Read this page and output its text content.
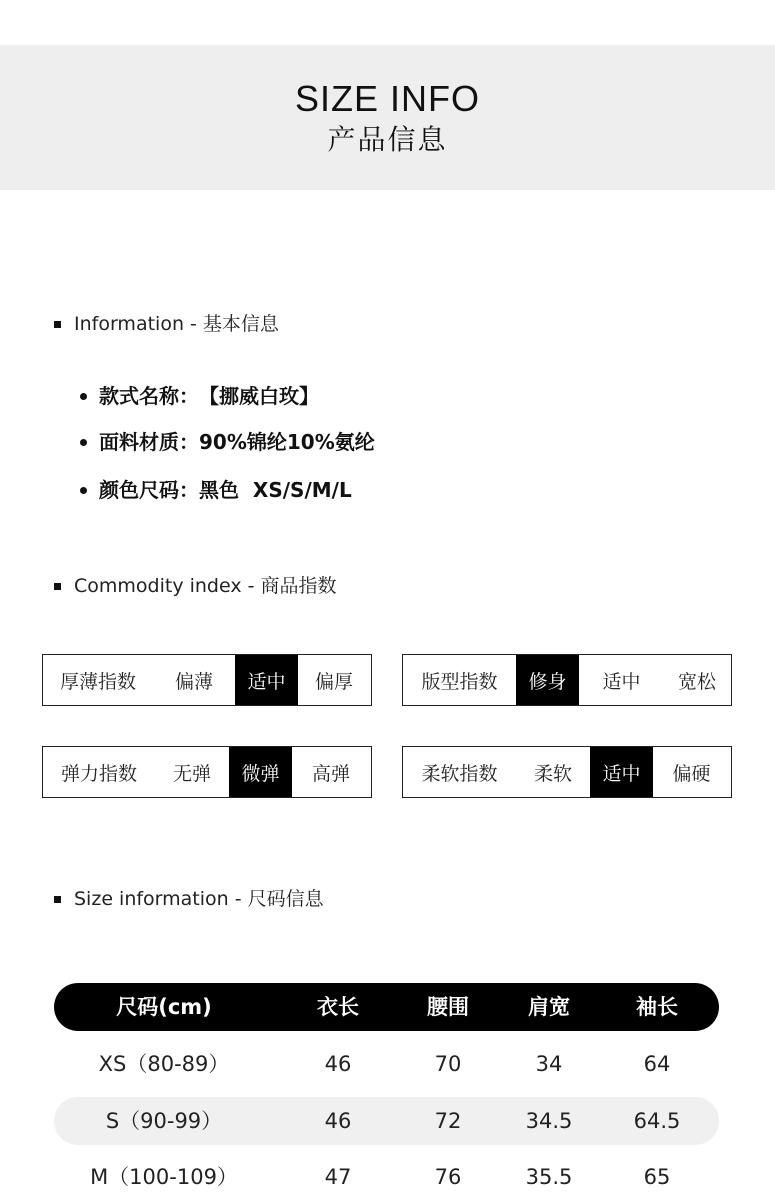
SIZE INFO
产品信息
Information - 基本信息
款式名称： 【挪威白玫】
面料材质： 90%锦纶10%氨纶
颜色尺码： 黑色  XS/S/M/L
Commodity index - 商品指数
厚薄指数	偏薄	适中	偏厚	版型指数	修身	适中	宽松
弹力指数	无弹	微弹	高弹	柔软指数	柔软	适中	偏硬
Size information - 尺码信息
尺码(cm)	衣长	腰围	肩宽	袖长
XS（80-89）	46	70	34	64
S（90-99）	46	72	34.5	64.5
M（100-109）	47	76	35.5	65
